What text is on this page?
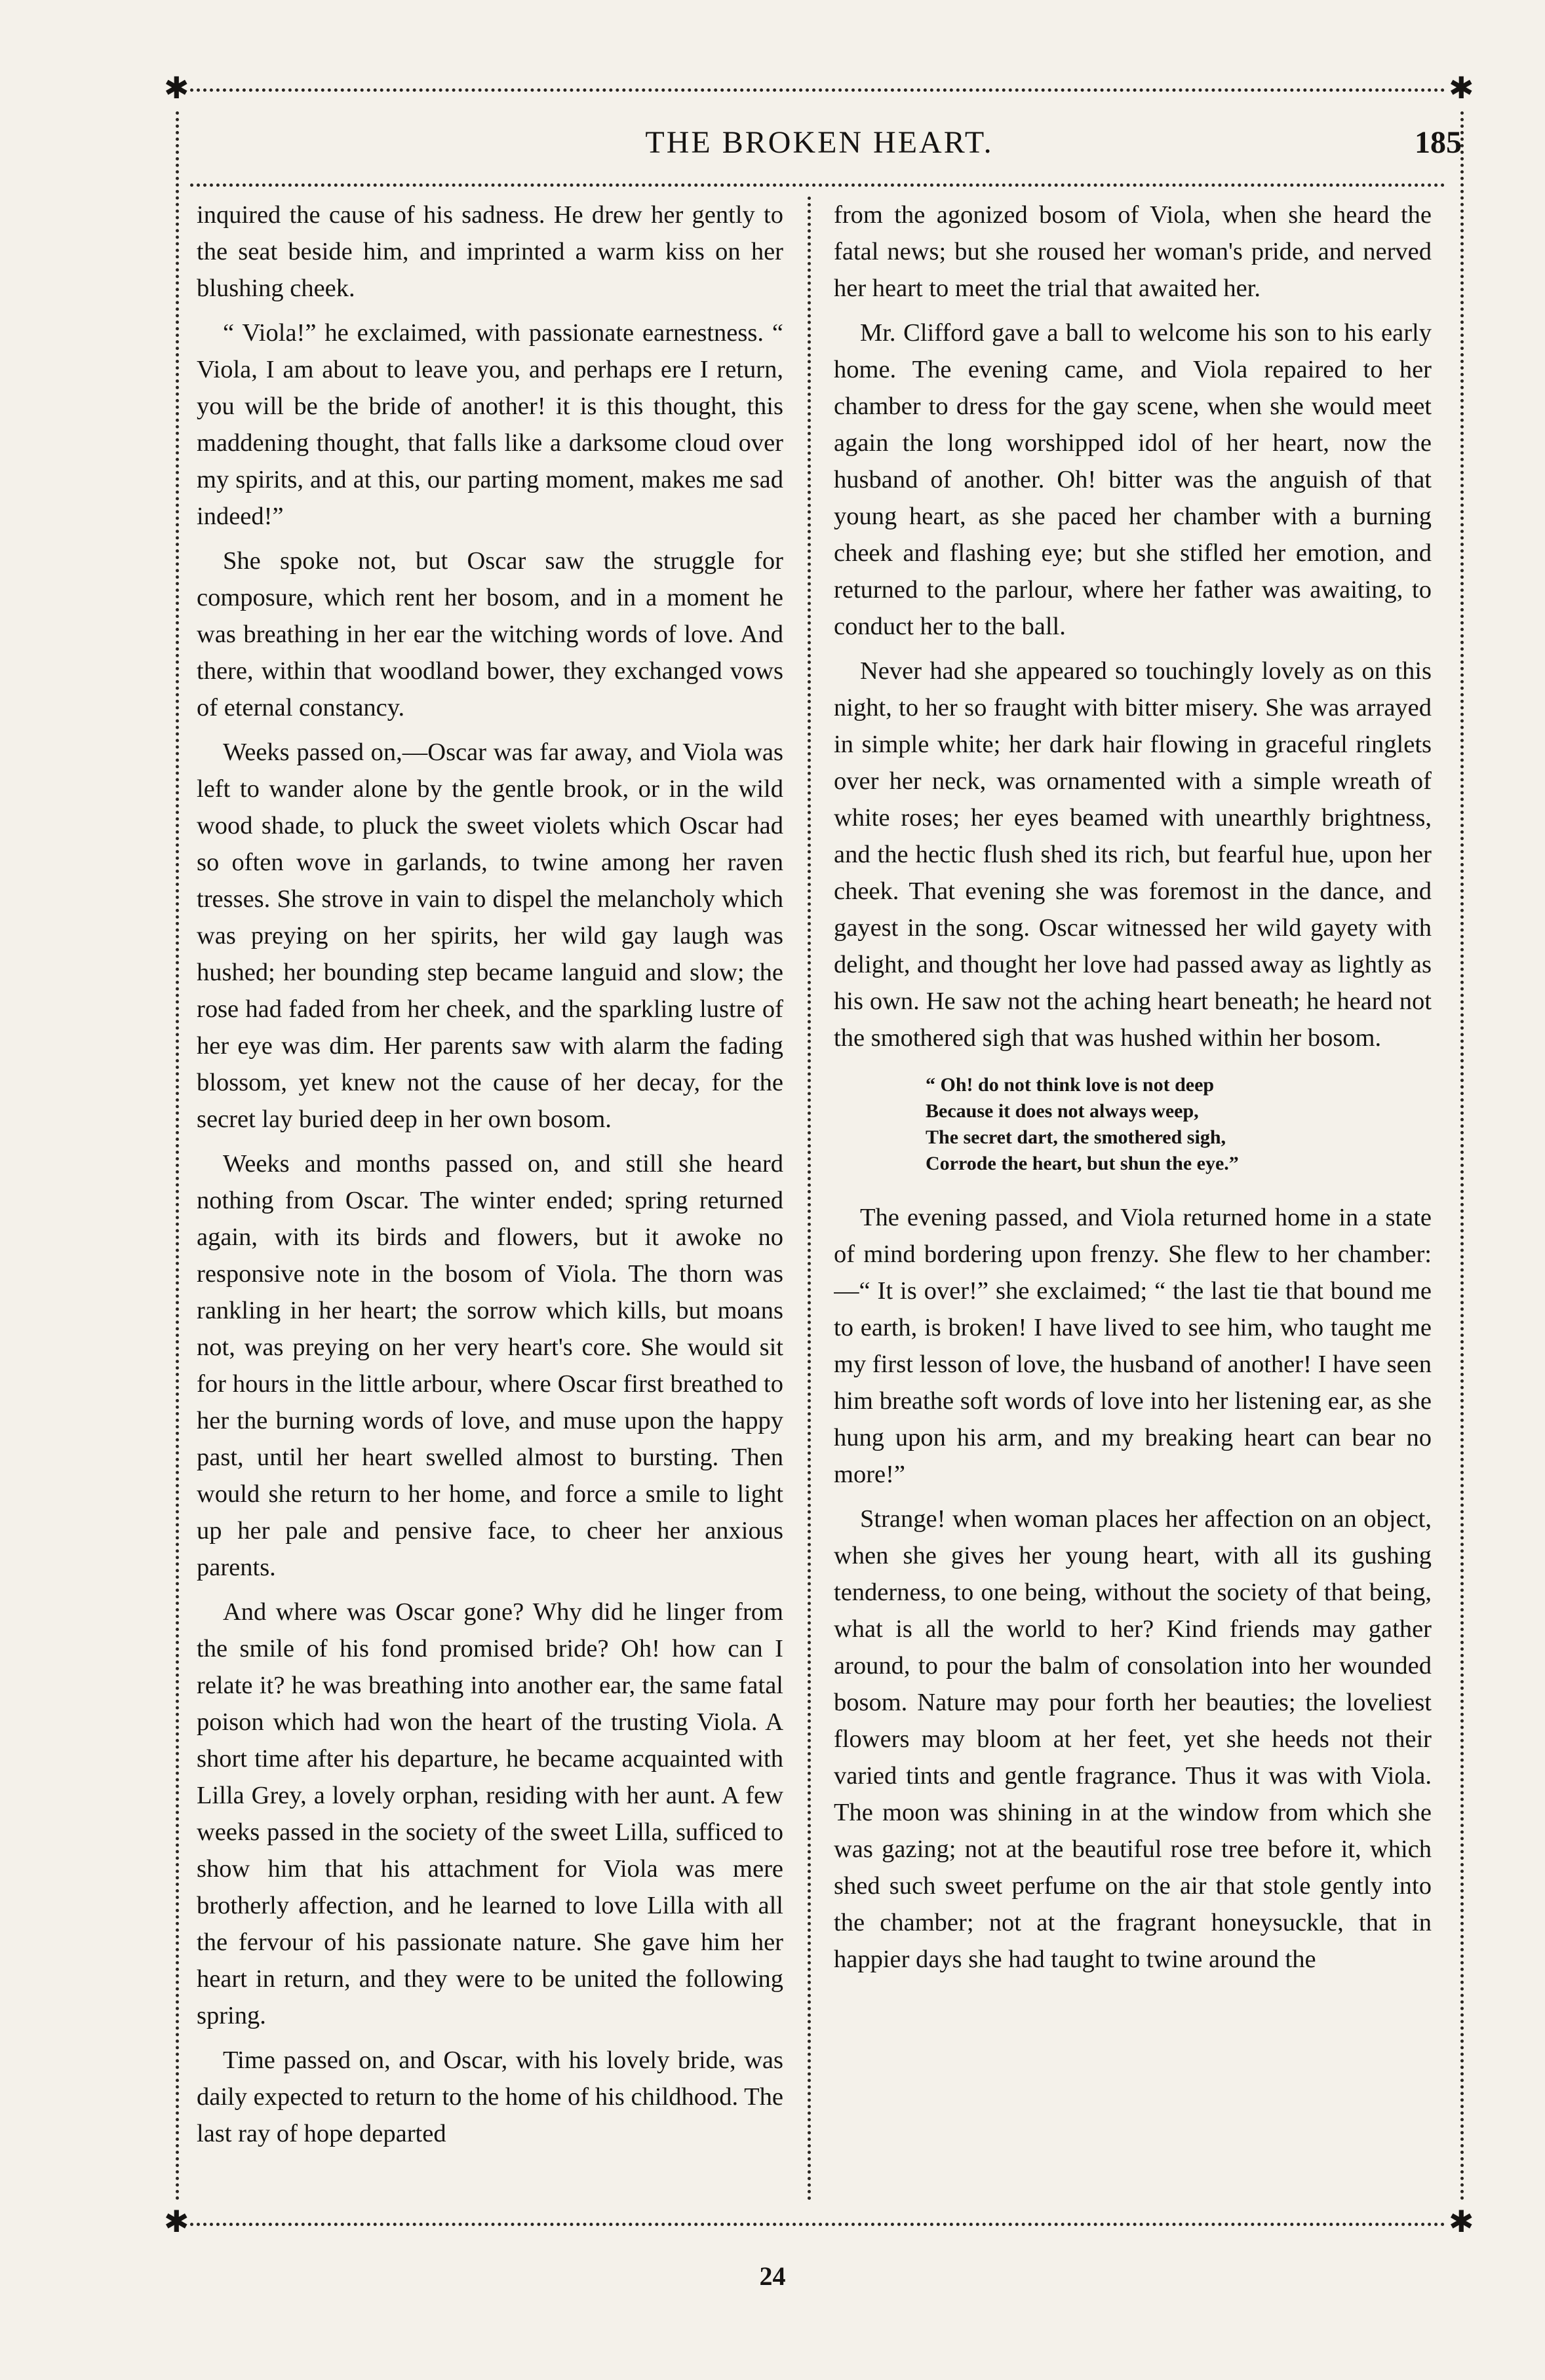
✱	✱
✱	✱
THE BROKEN HEART.	185

inquired the cause of his sadness. He drew her gently to the seat beside him, and imprinted a warm kiss on her blushing cheek.

“ Viola!” he exclaimed, with passionate earnestness. “ Viola, I am about to leave you, and perhaps ere I return, you will be the bride of another! it is this thought, this maddening thought, that falls like a darksome cloud over my spirits, and at this, our parting moment, makes me sad indeed!”

She spoke not, but Oscar saw the struggle for composure, which rent her bosom, and in a moment he was breathing in her ear the witching words of love. And there, within that woodland bower, they exchanged vows of eternal constancy.

Weeks passed on,—Oscar was far away, and Viola was left to wander alone by the gentle brook, or in the wild wood shade, to pluck the sweet violets which Oscar had so often wove in garlands, to twine among her raven tresses. She strove in vain to dispel the melancholy which was preying on her spirits, her wild gay laugh was hushed; her bounding step became languid and slow; the rose had faded from her cheek, and the sparkling lustre of her eye was dim. Her parents saw with alarm the fading blossom, yet knew not the cause of her decay, for the secret lay buried deep in her own bosom.

Weeks and months passed on, and still she heard nothing from Oscar. The winter ended; spring returned again, with its birds and flowers, but it awoke no responsive note in the bosom of Viola. The thorn was rankling in her heart; the sorrow which kills, but moans not, was preying on her very heart's core. She would sit for hours in the little arbour, where Oscar first breathed to her the burning words of love, and muse upon the happy past, until her heart swelled almost to bursting. Then would she return to her home, and force a smile to light up her pale and pensive face, to cheer her anxious parents.

And where was Oscar gone? Why did he linger from the smile of his fond promised bride? Oh! how can I relate it? he was breathing into another ear, the same fatal poison which had won the heart of the trusting Viola. A short time after his departure, he became acquainted with Lilla Grey, a lovely orphan, residing with her aunt. A few weeks passed in the society of the sweet Lilla, sufficed to show him that his attachment for Viola was mere brotherly affection, and he learned to love Lilla with all the fervour of his passionate nature. She gave him her heart in return, and they were to be united the following spring.

Time passed on, and Oscar, with his lovely bride, was daily expected to return to the home of his childhood. The last ray of hope departed

from the agonized bosom of Viola, when she heard the fatal news; but she roused her woman's pride, and nerved her heart to meet the trial that awaited her.

Mr. Clifford gave a ball to welcome his son to his early home. The evening came, and Viola repaired to her chamber to dress for the gay scene, when she would meet again the long worshipped idol of her heart, now the husband of another. Oh! bitter was the anguish of that young heart, as she paced her chamber with a burning cheek and flashing eye; but she stifled her emotion, and returned to the parlour, where her father was awaiting, to conduct her to the ball.

Never had she appeared so touchingly lovely as on this night, to her so fraught with bitter misery. She was arrayed in simple white; her dark hair flowing in graceful ringlets over her neck, was ornamented with a simple wreath of white roses; her eyes beamed with unearthly brightness, and the hectic flush shed its rich, but fearful hue, upon her cheek. That evening she was foremost in the dance, and gayest in the song. Oscar witnessed her wild gayety with delight, and thought her love had passed away as lightly as his own. He saw not the aching heart beneath; he heard not the smothered sigh that was hushed within her bosom.

“ Oh! do not think love is not deep
Because it does not always weep,
The secret dart, the smothered sigh,
Corrode the heart, but shun the eye.”

The evening passed, and Viola returned home in a state of mind bordering upon frenzy. She flew to her chamber:—“ It is over!” she exclaimed; “ the last tie that bound me to earth, is broken! I have lived to see him, who taught me my first lesson of love, the husband of another! I have seen him breathe soft words of love into her listening ear, as she hung upon his arm, and my breaking heart can bear no more!”

Strange! when woman places her affection on an object, when she gives her young heart, with all its gushing tenderness, to one being, without the society of that being, what is all the world to her? Kind friends may gather around, to pour the balm of consolation into her wounded bosom. Nature may pour forth her beauties; the loveliest flowers may bloom at her feet, yet she heeds not their varied tints and gentle fragrance. Thus it was with Viola. The moon was shining in at the window from which she was gazing; not at the beautiful rose tree before it, which shed such sweet perfume on the air that stole gently into the chamber; not at the fragrant honeysuckle, that in happier days she had taught to twine around the

24
